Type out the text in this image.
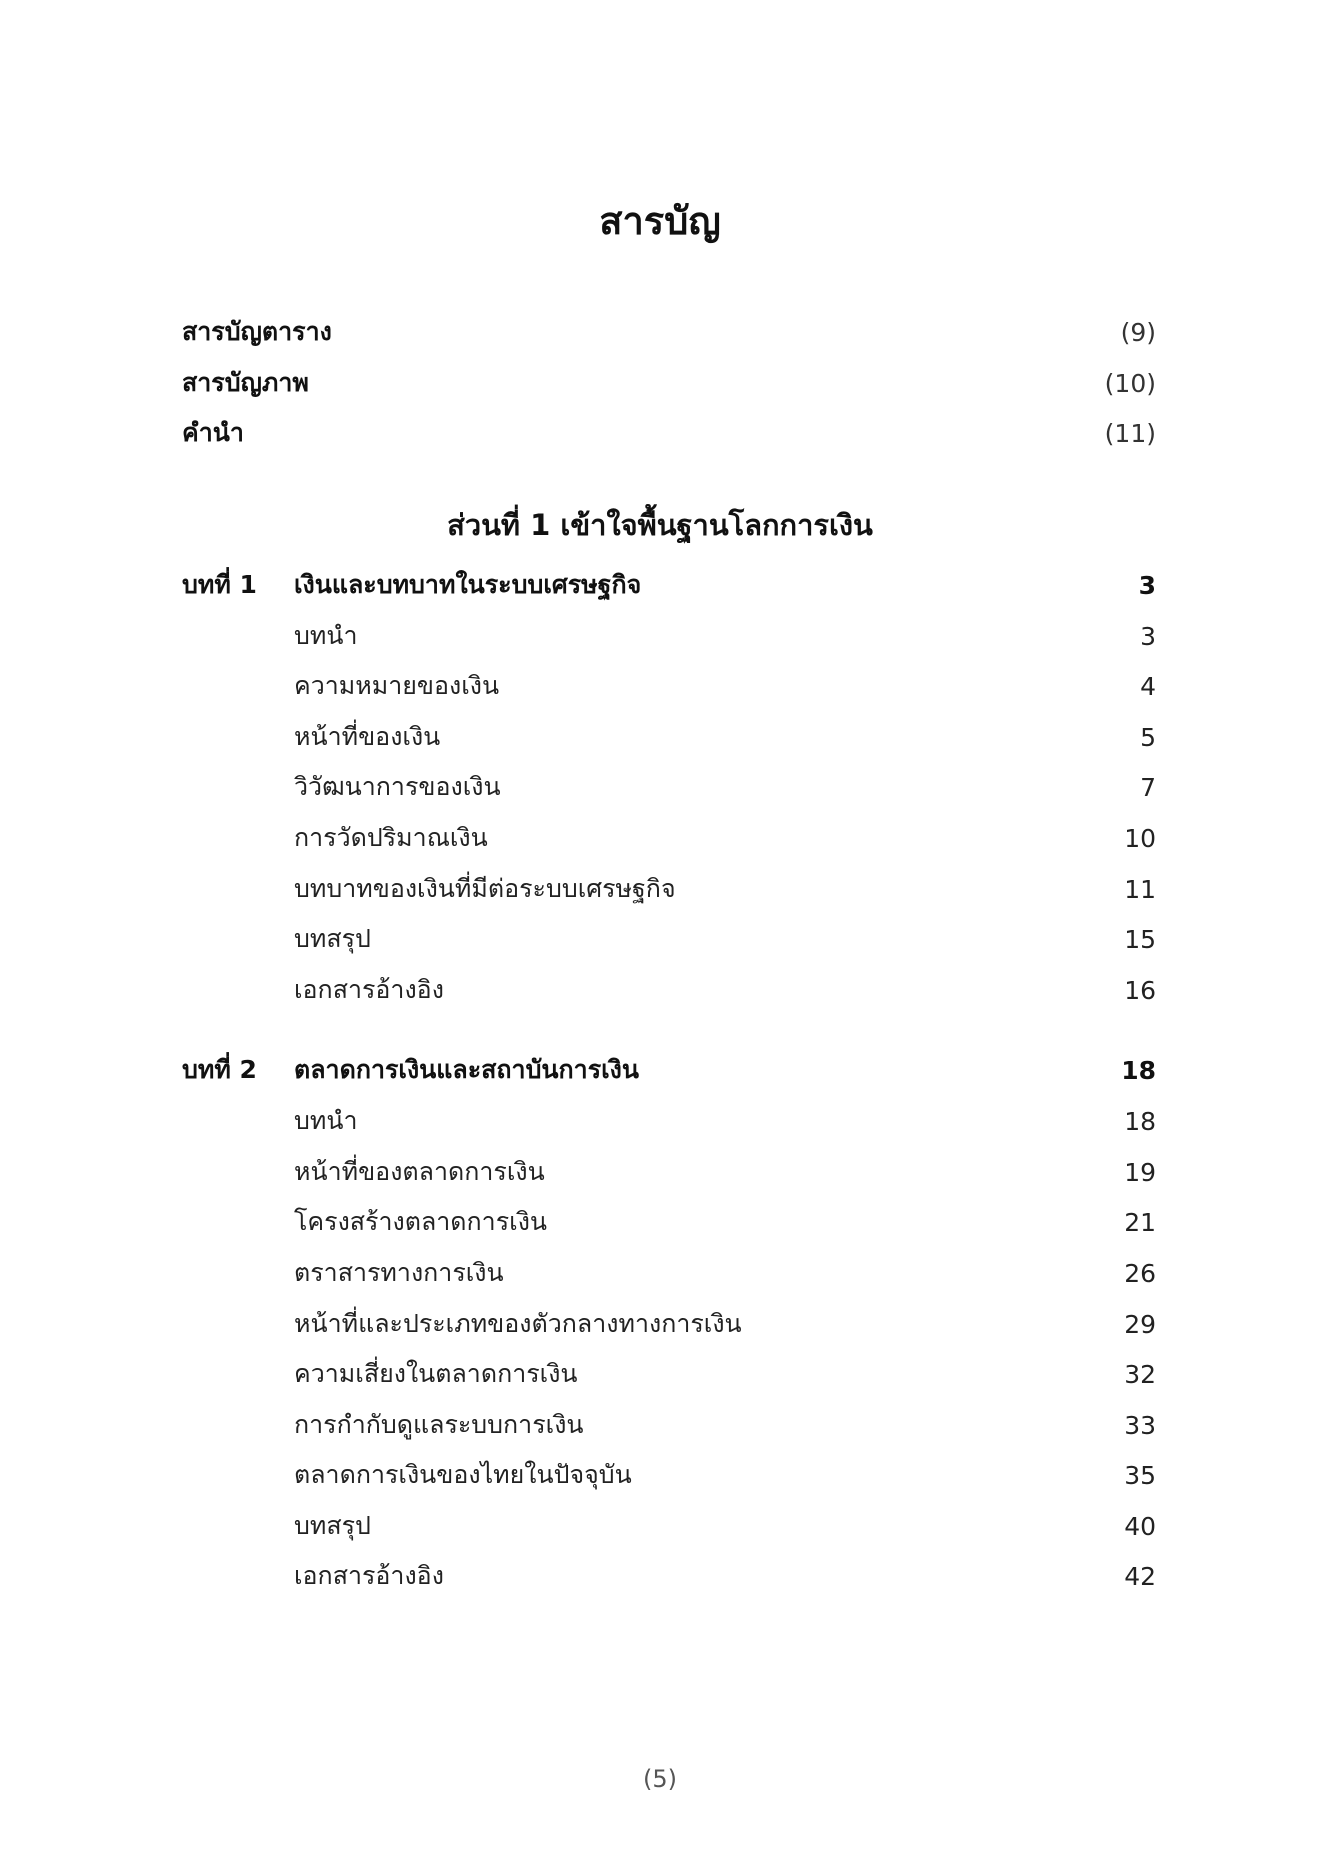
สารบัญ
สารบัญตาราง	(9)
สารบัญภาพ	(10)
คำนำ	(11)
ส่วนที่ 1 เข้าใจพื้นฐานโลกการเงิน
บทที่ 1	เงินและบทบาทในระบบเศรษฐกิจ	3
บทนำ	3
ความหมายของเงิน	4
หน้าที่ของเงิน	5
วิวัฒนาการของเงิน	7
การวัดปริมาณเงิน	10
บทบาทของเงินที่มีต่อระบบเศรษฐกิจ	11
บทสรุป	15
เอกสารอ้างอิง	16
บทที่ 2	ตลาดการเงินและสถาบันการเงิน	18
บทนำ	18
หน้าที่ของตลาดการเงิน	19
โครงสร้างตลาดการเงิน	21
ตราสารทางการเงิน	26
หน้าที่และประเภทของตัวกลางทางการเงิน	29
ความเสี่ยงในตลาดการเงิน	32
การกำกับดูแลระบบการเงิน	33
ตลาดการเงินของไทยในปัจจุบัน	35
บทสรุป	40
เอกสารอ้างอิง	42
(5)
